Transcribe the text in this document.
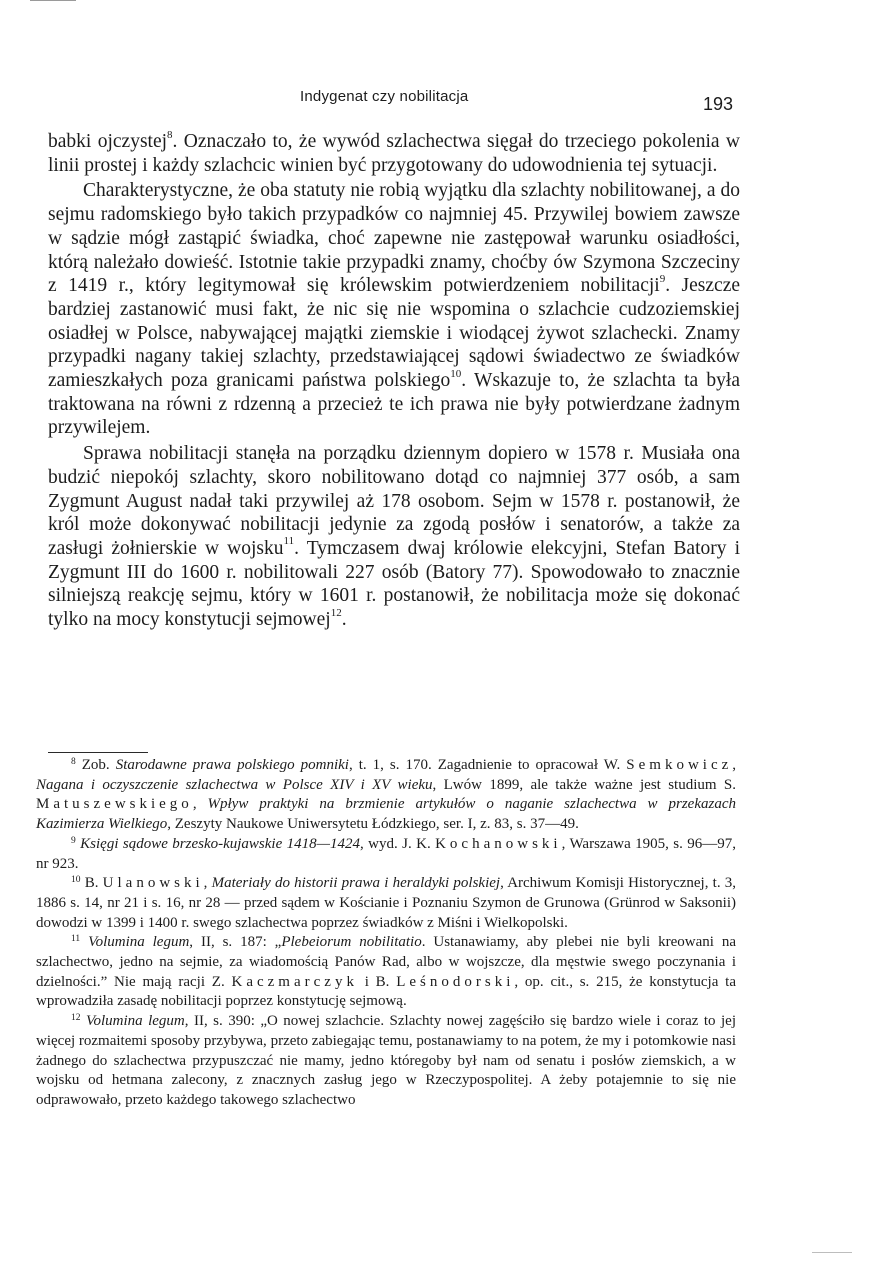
Indygenat czy nobilitacja	193

babki ojczystej$^8$. Oznaczało to, że wywód szlachectwa sięgał do trzeciego pokolenia w linii prostej i każdy szlachcic winien być przygotowany do udowodnienia tej sytuacji.

Charakterystyczne, że oba statuty nie robią wyjątku dla szlachty nobilitowanej, a do sejmu radomskiego było takich przypadków co najmniej 45. Przywilej bowiem zawsze w sądzie mógł zastąpić świadka, choć zapewne nie zastępował warunku osiadłości, którą należało dowieść. Istotnie takie przypadki znamy, choćby ów Szymona Szczeciny z 1419 r., który legitymował się królewskim potwierdzeniem nobilitacji$^9$. Jeszcze bardziej zastanowić musi fakt, że nic się nie wspomina o szlachcie cudzoziemskiej osiadłej w Polsce, nabywającej majątki ziemskie i wiodącej żywot szlachecki. Znamy przypadki nagany takiej szlachty, przedstawiającej sądowi świadectwo ze świadków zamieszkałych poza granicami państwa polskiego$^{10}$. Wskazuje to, że szlachta ta była traktowana na równi z rdzenną a przecież te ich prawa nie były potwierdzane żadnym przywilejem.

Sprawa nobilitacji stanęła na porządku dziennym dopiero w 1578 r. Musiała ona budzić niepokój szlachty, skoro nobilitowano dotąd co najmniej 377 osób, a sam Zygmunt August nadał taki przywilej aż 178 osobom. Sejm w 1578 r. postanowił, że król może dokonywać nobilitacji jedynie za zgodą posłów i senatorów, a także za zasługi żołnierskie w wojsku$^{11}$. Tymczasem dwaj królowie elekcyjni, Stefan Batory i Zygmunt III do 1600 r. nobilitowali 227 osób (Batory 77). Spowodowało to znacznie silniejszą reakcję sejmu, który w 1601 r. postanowił, że nobilitacja może się dokonać tylko na mocy konstytucji sejmowej$^{12}$.

$^8$ Zob. Starodawne prawa polskiego pomniki, t. 1, s. 170. Zagadnienie to opracował W. Semkowicz, Nagana i oczyszczenie szlachectwa w Polsce XIV i XV wieku, Lwów 1899, ale także ważne jest studium S. Matuszewskiego, Wpływ praktyki na brzmienie artykułów o naganie szlachectwa w przekazach Kazimierza Wielkiego, Zeszyty Naukowe Uniwersytetu Łódzkiego, ser. I, z. 83, s. 37—49.

$^9$ Księgi sądowe brzesko-kujawskie 1418—1424, wyd. J. K. Kochanowski, Warszawa 1905, s. 96—97, nr 923.

$^{10}$ B. Ulanowski, Materiały do historii prawa i heraldyki polskiej, Archiwum Komisji Historycznej, t. 3, 1886 s. 14, nr 21 i s. 16, nr 28 — przed sądem w Kościanie i Poznaniu Szymon de Grunowa (Grünrod w Saksonii) dowodzi w 1399 i 1400 r. swego szlachectwa poprzez świadków z Miśni i Wielkopolski.

$^{11}$ Volumina legum, II, s. 187: „Plebeiorum nobilitatio. Ustanawiamy, aby plebei nie byli kreowani na szlachectwo, jedno na sejmie, za wiadomością Panów Rad, albo w wojszcze, dla męstwie swego poczynania i dzielności.” Nie mają racji Z. Kaczmarczyk i B. Leśnodorski, op. cit., s. 215, że konstytucja ta wprowadziła zasadę nobilitacji poprzez konstytucję sejmową.

$^{12}$ Volumina legum, II, s. 390: „O nowej szlachcie. Szlachty nowej zagęściło się bardzo wiele i coraz to jej więcej rozmaitemi sposoby przybywa, przeto zabiegając temu, postanawiamy to na potem, że my i potomkowie nasi żadnego do szlachectwa przypuszczać nie mamy, jedno któregoby był nam od senatu i posłów ziemskich, a w wojsku od hetmana zalecony, z znacznych zasług jego w Rzeczypospolitej. A żeby potajemnie to się nie odprawowało, przeto każdego takowego szlachectwo
